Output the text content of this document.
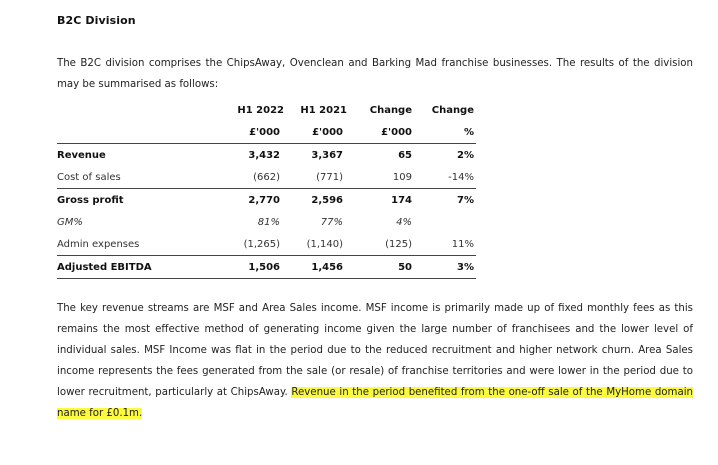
B2C Division
The B2C division comprises the ChipsAway, Ovenclean and Barking Mad franchise businesses. The results of the division may be summarised as follows:
	H1 2022	H1 2021	Change	Change
	£'000	£'000	£'000	%
Revenue	3,432	3,367	65	2%
Cost of sales	(662)	(771)	109	-14%
Gross profit	2,770	2,596	174	7%
GM%	81%	77%	4%	
Admin expenses	(1,265)	(1,140)	(125)	11%
Adjusted EBITDA	1,506	1,456	50	3%
The key revenue streams are MSF and Area Sales income. MSF income is primarily made up of fixed monthly fees as this remains the most effective method of generating income given the large number of franchisees and the lower level of individual sales. MSF Income was flat in the period due to the reduced recruitment and higher network churn. Area Sales income represents the fees generated from the sale (or resale) of franchise territories and were lower in the period due to lower recruitment, particularly at ChipsAway. Revenue in the period benefited from the one-off sale of the MyHome domain name for £0.1m.
